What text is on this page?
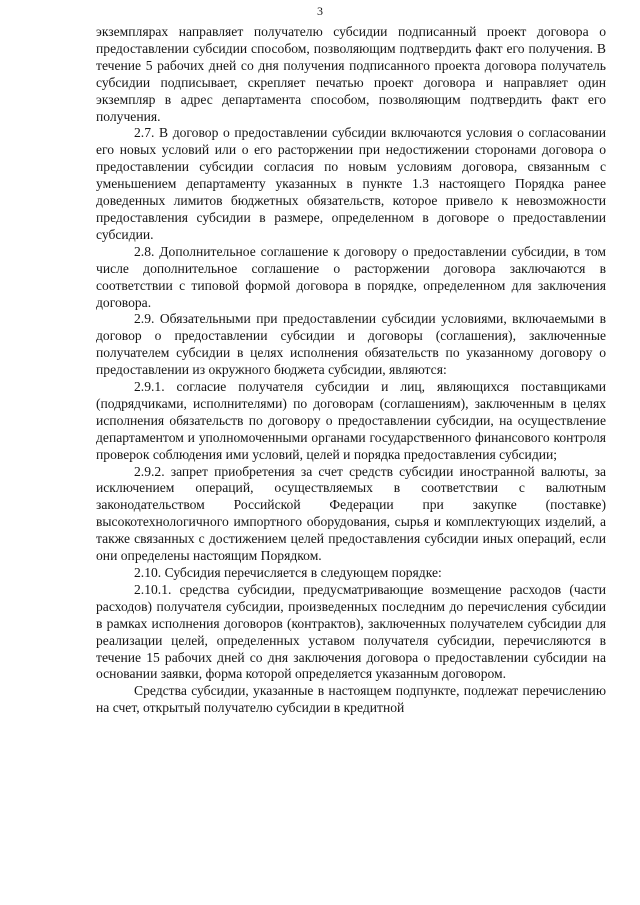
3

экземплярах направляет получателю субсидии подписанный проект договора о предоставлении субсидии способом, позволяющим подтвердить факт его получения. В течение 5 рабочих дней со дня получения подписанного проекта договора получатель субсидии подписывает, скрепляет печатью проект договора и направляет один экземпляр в адрес департамента способом, позволяющим подтвердить факт его получения.

2.7. В договор о предоставлении субсидии включаются условия о согласовании его новых условий или о его расторжении при недостижении сторонами договора о предоставлении субсидии согласия по новым условиям договора, связанным с уменьшением департаменту указанных в пункте 1.3 настоящего Порядка ранее доведенных лимитов бюджетных обязательств, которое привело к невозможности предоставления субсидии в размере, определенном в договоре о предоставлении субсидии.

2.8. Дополнительное соглашение к договору о предоставлении субсидии, в том числе дополнительное соглашение о расторжении договора заключаются в соответствии с типовой формой договора в порядке, определенном для заключения договора.

2.9. Обязательными при предоставлении субсидии условиями, включаемыми в договор о предоставлении субсидии и договоры (соглашения), заключенные получателем субсидии в целях исполнения обязательств по указанному договору о предоставлении из окружного бюджета субсидии, являются:

2.9.1. согласие получателя субсидии и лиц, являющихся поставщиками (подрядчиками, исполнителями) по договорам (соглашениям), заключенным в целях исполнения обязательств по договору о предоставлении субсидии, на осуществление департаментом и уполномоченными органами государственного финансового контроля проверок соблюдения ими условий, целей и порядка предоставления субсидии;

2.9.2. запрет приобретения за счет средств субсидии иностранной валюты, за исключением операций, осуществляемых в соответствии с валютным законодательством Российской Федерации при закупке (поставке) высокотехнологичного импортного оборудования, сырья и комплектующих изделий, а также связанных с достижением целей предоставления субсидии иных операций, если они определены настоящим Порядком.

2.10. Субсидия перечисляется в следующем порядке:

2.10.1. средства субсидии, предусматривающие возмещение расходов (части расходов) получателя субсидии, произведенных последним до перечисления субсидии в рамках исполнения договоров (контрактов), заключенных получателем субсидии для реализации целей, определенных уставом получателя субсидии, перечисляются в течение 15 рабочих дней со дня заключения договора о предоставлении субсидии на основании заявки, форма которой определяется указанным договором.

Средства субсидии, указанные в настоящем подпункте, подлежат перечислению на счет, открытый получателю субсидии в кредитной
